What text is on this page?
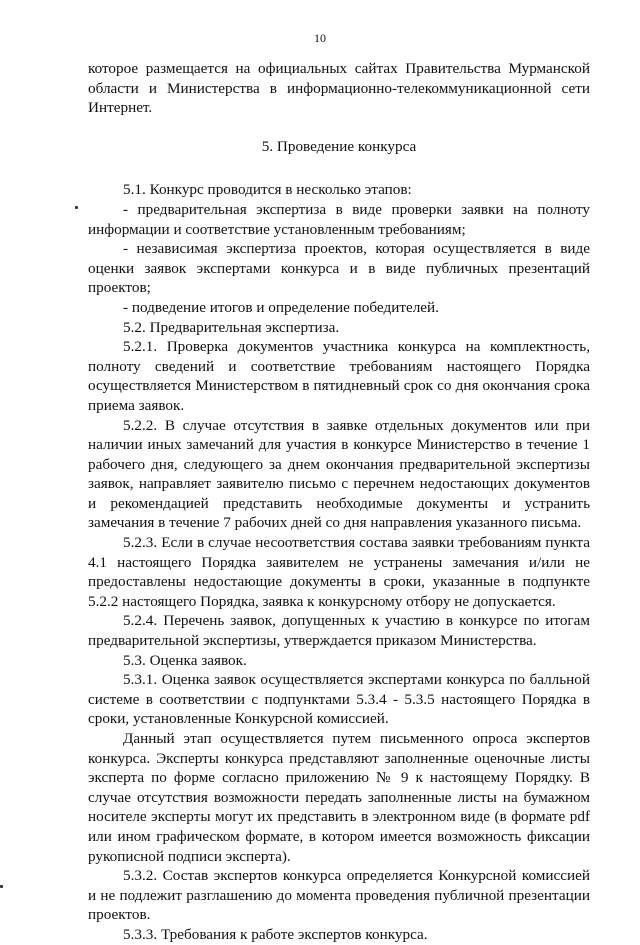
10

которое размещается на официальных сайтах Правительства Мурманской области и Министерства в информационно-телекоммуникационной сети Интернет.

5. Проведение конкурса

5.1. Конкурс проводится в несколько этапов:

- предварительная экспертиза в виде проверки заявки на полноту информации и соответствие установленным требованиям;

- независимая экспертиза проектов, которая осуществляется в виде оценки заявок экспертами конкурса и в виде публичных презентаций проектов;

- подведение итогов и определение победителей.

5.2. Предварительная экспертиза.

5.2.1. Проверка документов участника конкурса на комплектность, полноту сведений и соответствие требованиям настоящего Порядка осуществляется Министерством в пятидневный срок со дня окончания срока приема заявок.

5.2.2. В случае отсутствия в заявке отдельных документов или при наличии иных замечаний для участия в конкурсе Министерство в течение 1 рабочего дня, следующего за днем окончания предварительной экспертизы заявок, направляет заявителю письмо с перечнем недостающих документов и рекомендацией представить необходимые документы и устранить замечания в течение 7 рабочих дней со дня направления указанного письма.

5.2.3. Если в случае несоответствия состава заявки требованиям пункта 4.1 настоящего Порядка заявителем не устранены замечания и/или не предоставлены недостающие документы в сроки, указанные в подпункте 5.2.2 настоящего Порядка, заявка к конкурсному отбору не допускается.

5.2.4. Перечень заявок, допущенных к участию в конкурсе по итогам предварительной экспертизы, утверждается приказом Министерства.

5.3. Оценка заявок.

5.3.1. Оценка заявок осуществляется экспертами конкурса по балльной системе в соответствии с подпунктами 5.3.4 - 5.3.5 настоящего Порядка в сроки, установленные Конкурсной комиссией.

Данный этап осуществляется путем письменного опроса экспертов конкурса. Эксперты конкурса представляют заполненные оценочные листы эксперта по форме согласно приложению № 9 к настоящему Порядку. В случае отсутствия возможности передать заполненные листы на бумажном носителе эксперты могут их представить в электронном виде (в формате pdf или ином графическом формате, в котором имеется возможность фиксации рукописной подписи эксперта).

5.3.2. Состав экспертов конкурса определяется Конкурсной комиссией и не подлежит разглашению до момента проведения публичной презентации проектов.

5.3.3. Требования к работе экспертов конкурса.
